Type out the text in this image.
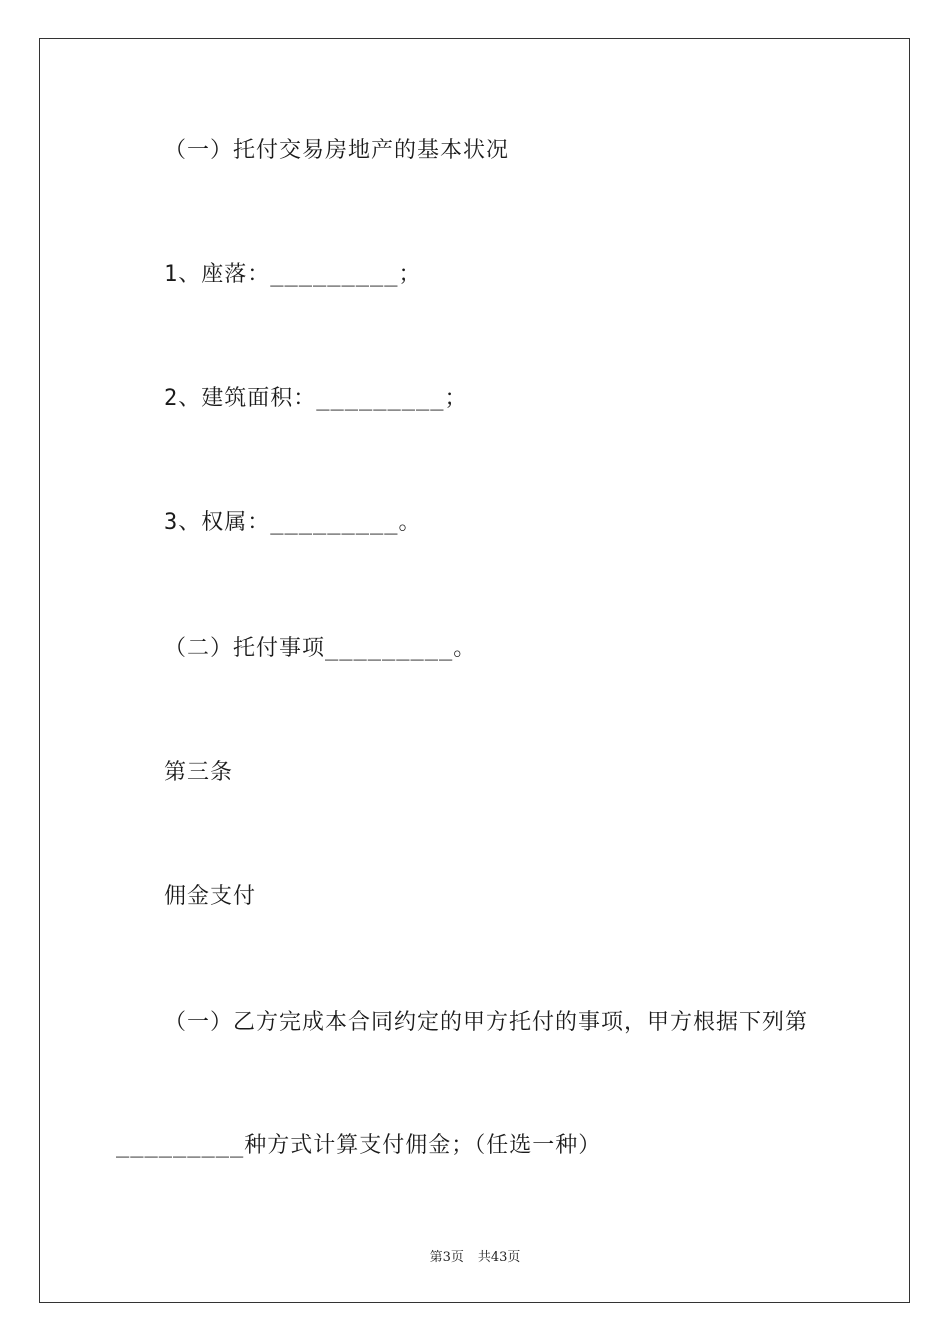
（一）托付交易房地产的基本状况
1、座落：_________；
2、建筑面积：_________；
3、权属：_________。
（二）托付事项_________。
第三条
佣金支付
（一）乙方完成本合同约定的甲方托付的事项，甲方根据下列第
_________种方式计算支付佣金；（任选一种）
第3页 共43页
